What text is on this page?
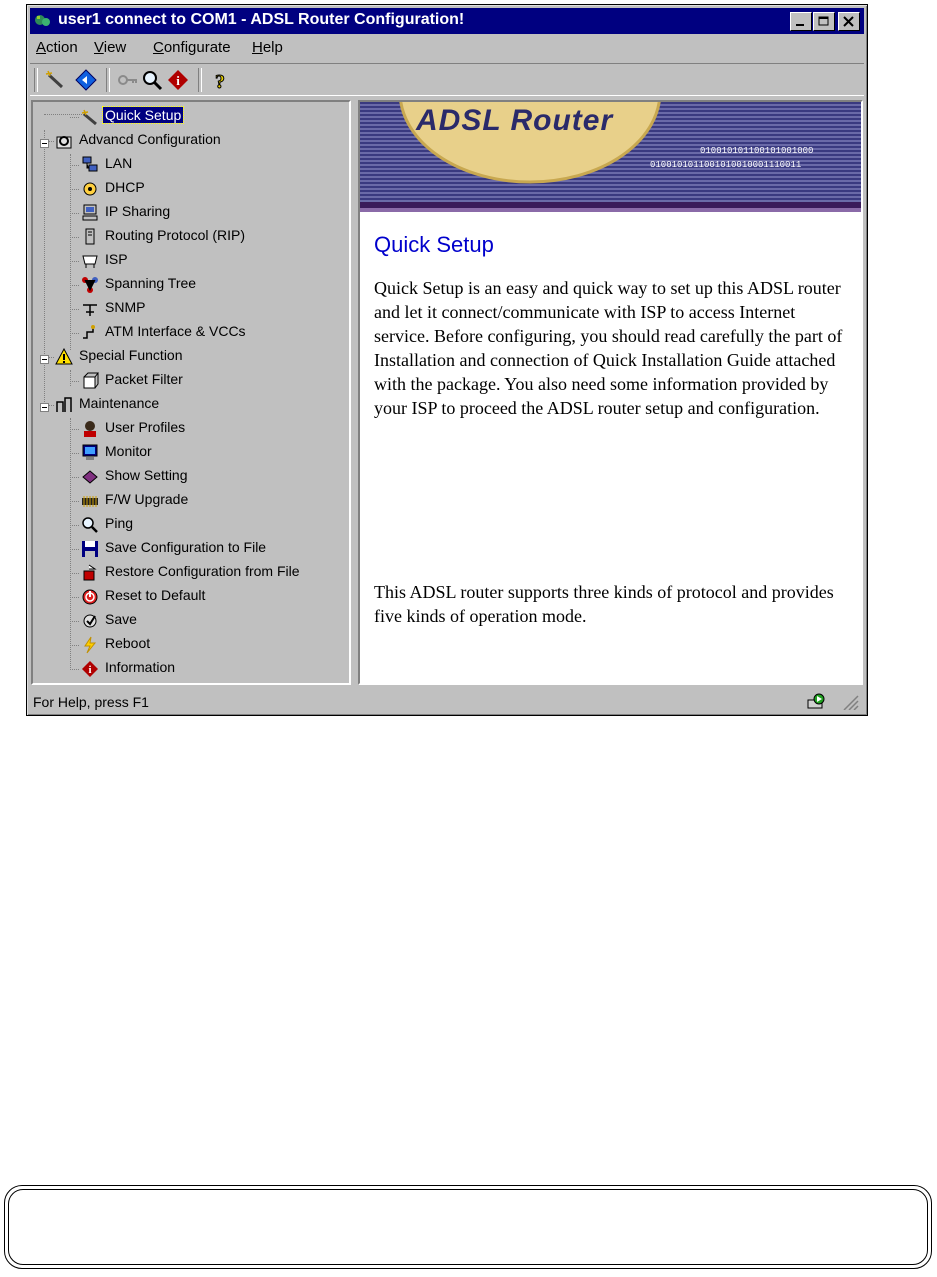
user1 connect to COM1 - ADSL Router Configuration!
Action View Configurate Help
i ?
Quick Setup
Advancd Configuration
LAN
DHCP
IP Sharing
Routing Protocol (RIP)
ISP
Spanning Tree
SNMP
ATM Interface & VCCs
Special Function
Packet Filter
Maintenance
User Profiles
Monitor
Show Setting
F/W Upgrade
Ping
Save Configuration to File
Restore Configuration from File
Reset to Default
Save
Reboot
i Information
ADSL Router
010010101100101001000
0100101011001010010001110011
Quick Setup
Quick Setup is an easy and quick way to set up this ADSL router and let it connect/communicate with ISP to access Internet service. Before configuring, you should read carefully the part of Installation and connection of Quick Installation Guide attached with the package. You also need some information provided by your ISP to proceed the ADSL router setup and configuration.
This ADSL router supports three kinds of protocol and provides five kinds of operation mode.
For Help, press F1
